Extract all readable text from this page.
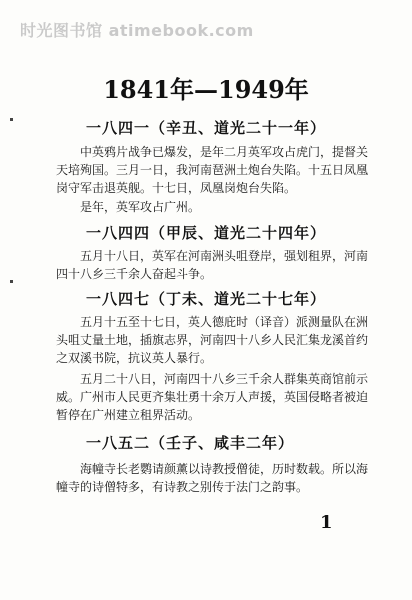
时光图书馆 atimebook.com
1841年—1949年
一八四一（辛丑、道光二十一年）
中英鸦片战争已爆发，是年二月英军攻占虎门，提督关
天培殉国。三月一日，我河南琶洲土炮台失陷。十五日凤凰
岗守军击退英舰。十七日，凤凰岗炮台失陷。
是年，英军攻占广州。
一八四四（甲辰、道光二十四年）
五月十八日，英军在河南洲头咀登岸，强划租界，河南
四十八乡三千余人奋起斗争。
一八四七（丁未、道光二十七年）
五月十五至十七日，英人德庇时（译音）派测量队在洲
头咀丈量土地，插旗志界，河南四十八乡人民汇集龙溪首约
之双溪书院，抗议英人暴行。
五月二十八日，河南四十八乡三千余人群集英商馆前示
威。广州市人民更齐集壮勇十余万人声援，英国侵略者被迫
暂停在广州建立租界活动。
一八五二（壬子、咸丰二年）
海幢寺长老鹦请颜薰以诗教授僧徒，历时数载。所以海
幢寺的诗僧特多，有诗教之别传于法门之韵事。
1
